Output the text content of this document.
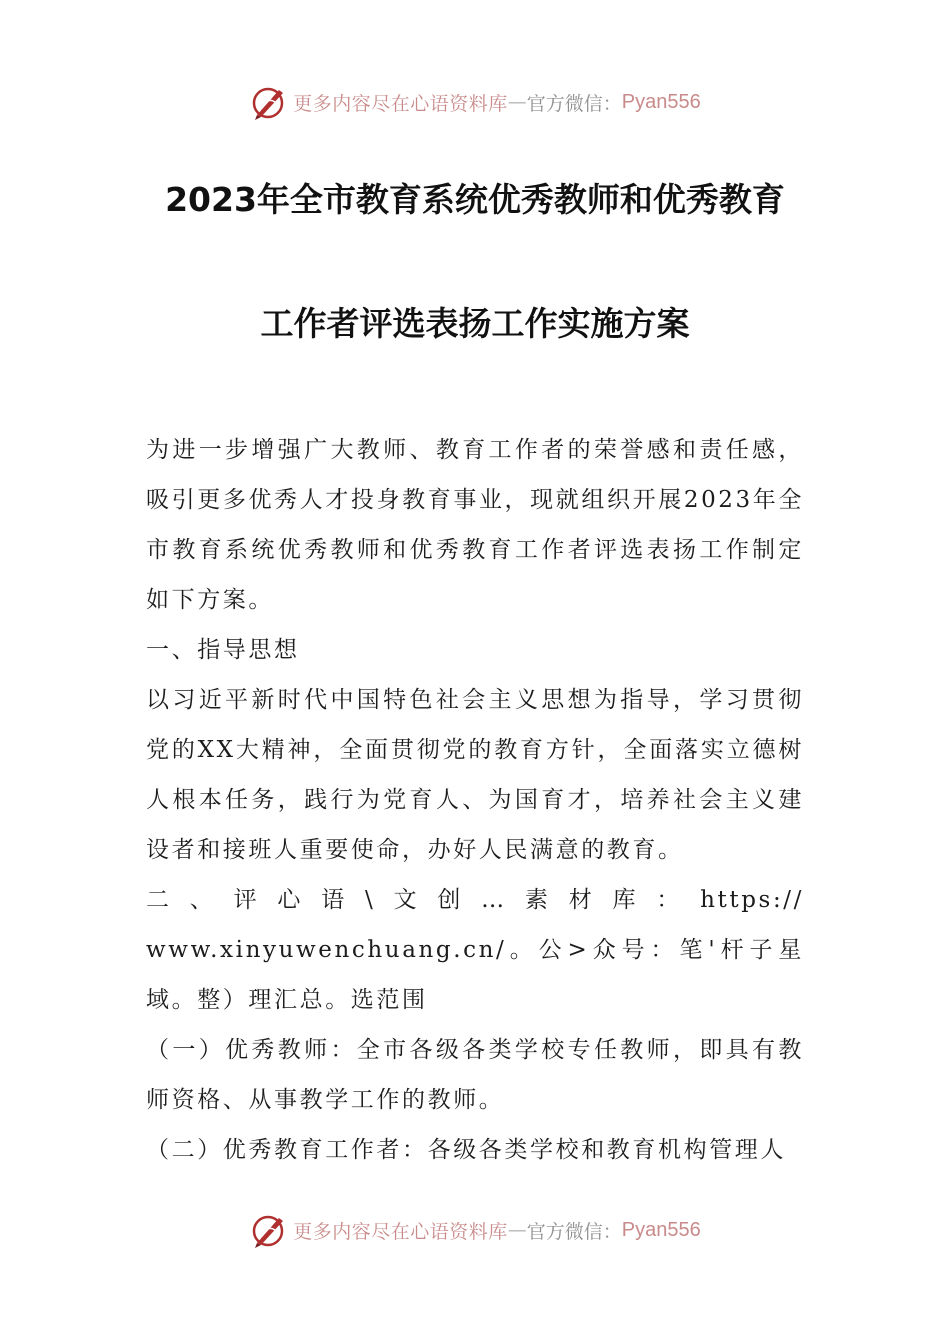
更多内容尽在心语资料库 — 官方微信： Pyan556
2023年全市教育系统优秀教师和优秀教育
工作者评选表扬工作实施方案

为进一步增强广大教师、教育工作者的荣誉感和责任感，吸引更多优秀人才投身教育事业，现就组织开展2023年全市教育系统优秀教师和优秀教育工作者评选表扬工作制定如下方案。

一、指导思想

以习近平新时代中国特色社会主义思想为指导，学习贯彻党的XX大精神，全面贯彻党的教育方针，全面落实立德树人根本任务，践行为党育人、为国育才，培养社会主义建设者和接班人重要使命，办好人民满意的教育。

二、评心语\文创…素材库：https://

www.xinyuwenchuang.cn/。公>众号：笔'杆子星域。整）理汇总。选范围

（一）优秀教师：全市各级各类学校专任教师，即具有教师资格、从事教学工作的教师。

（二）优秀教育工作者：各级各类学校和教育机构管理人

更多内容尽在心语资料库 — 官方微信： Pyan556
